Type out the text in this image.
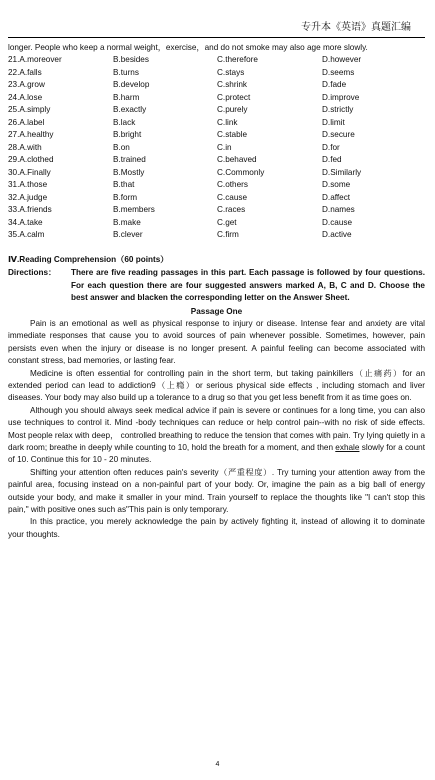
专升本《英语》真题汇编
longer. People who keep a normal weight，exercise，and do not smoke may also age more slowly.
21.A.moreover	B.besides	C.therefore	D.however
22.A.falls	B.turns	C.stays	D.seems
23.A.grow	B.develop	C.shrink	D.fade
24.A.lose	B.harm	C.protect	D.improve
25.A.simply	B.exactly	C.purely	D.strictly
26.A.label	B.lack	C.link	D.limit
27.A.healthy	B.bright	C.stable	D.secure
28.A.with	B.on	C.in	D.for
29.A.clothed	B.trained	C.behaved	D.fed
30.A.Finally	B.Mostly	C.Commonly	D.Similarly
31.A.those	B.that	C.others	D.some
32.A.judge	B.form	C.cause	D.affect
33.A.friends	B.members	C.races	D.names
34.A.take	B.make	C.get	D.cause
35.A.calm	B.clever	C.firm	D.active
Ⅳ.Reading Comprehension（60 points）
Directions：	There are five reading passages in this part. Each passage is followed by four questions. For each question there are four suggested answers marked A, B, C and D. Choose the best answer and blacken the corresponding letter on the Answer Sheet.
Passage One

Pain is an emotional as well as physical response to injury or disease. Intense fear and anxiety are vital immediate responses that cause you to avoid sources of pain whenever possible. Sometimes, however, pain persists even when the injury or disease is no longer present. A painful feeling can become associated with constant stress, bad memories, or lasting fear.

Medicine is often essential for controlling pain in the short term, but taking painkillers（止痛药）for an extended period can lead to addiction9（上瘾）or serious physical side effects , including stomach and liver diseases. Your body may also build up a tolerance to a drug so that you get less benefit from it as time goes on.

Although you should always seek medical advice if pain is severe or continues for a long time, you can also use techniques to control it. Mind -body techniques can reduce or help control pain--with no risk of side effects. Most people relax with deep， controlled breathing to reduce the tension that comes with pain. Try lying quietly in a dark room; breathe in deeply while counting to 10, hold the breath for a moment, and then exhale slowly for a count of 10. Continue this for 10 - 20 minutes.

Shifting your attention often reduces pain's severity（严重程度）. Try turning your attention away from the painful area, focusing instead on a non-painful part of your body. Or, imagine the pain as a big ball of energy outside your body, and make it smaller in your mind. Train yourself to replace the thoughts like "I can't stop this pain," with positive ones such as"This pain is only temporary.

In this practice, you merely acknowledge the pain by actively fighting it, instead of allowing it to dominate your thoughts.

4
